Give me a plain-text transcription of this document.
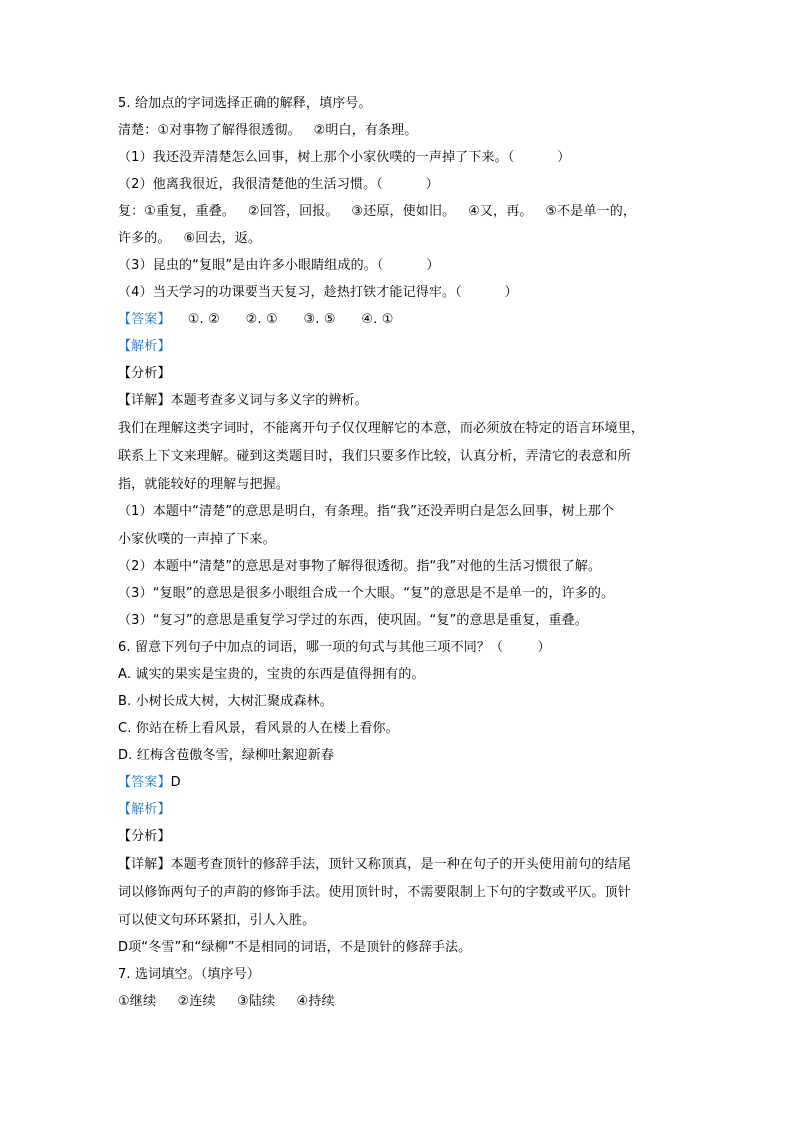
5. 给加点的字词选择正确的解释，填序号。
清楚：①对事物了解得很透彻。   ②明白，有条理。
（1）我还没弄清楚怎么回事，树上那个小家伙噗的一声掉了下来。（          ）
（2）他离我很近，我很清楚他的生活习惯。（          ）
复：①重复，重叠。   ②回答，回报。   ③还原，使如旧。   ④又，再。   ⑤不是单一的，
许多的。   ⑥回去，返。
（3）昆虫的“复眼”是由许多小眼睛组成的。（          ）
（4）当天学习的功课要当天复习，趁热打铁才能记得牢。（          ）
【答案】    ①. ②      ②. ①      ③. ⑤      ④. ①
【解析】
【分析】
【详解】本题考查多义词与多义字的辨析。
我们在理解这类字词时，不能离开句子仅仅理解它的本意，而必须放在特定的语言环境里，
联系上下文来理解。碰到这类题目时，我们只要多作比较，认真分析，弄清它的表意和所
指，就能较好的理解与把握。
（1）本题中“清楚”的意思是明白，有条理。指“我”还没弄明白是怎么回事，树上那个
小家伙噗的一声掉了下来。
（2）本题中“清楚”的意思是对事物了解得很透彻。指“我”对他的生活习惯很了解。
（3）“复眼”的意思是很多小眼组合成一个大眼。“复”的意思是不是单一的，许多的。
（3）“复习”的意思是重复学习学过的东西，使巩固。“复”的意思是重复，重叠。
6. 留意下列句子中加点的词语，哪一项的句式与其他三项不同？（        ）
A. 诚实的果实是宝贵的，宝贵的东西是值得拥有的。
B. 小树长成大树，大树汇聚成森林。
C. 你站在桥上看风景，看风景的人在楼上看你。
D. 红梅含苞傲冬雪，绿柳吐絮迎新春
【答案】D
【解析】
【分析】
【详解】本题考查顶针的修辞手法，顶针又称顶真，是一种在句子的开头使用前句的结尾
词以修饰两句子的声韵的修饰手法。使用顶针时，不需要限制上下句的字数或平仄。顶针
可以使文句环环紧扣，引人入胜。
D项“冬雪”和“绿柳”不是相同的词语，不是顶针的修辞手法。
7. 选词填空。（填序号）
①继续     ②连续     ③陆续     ④持续
